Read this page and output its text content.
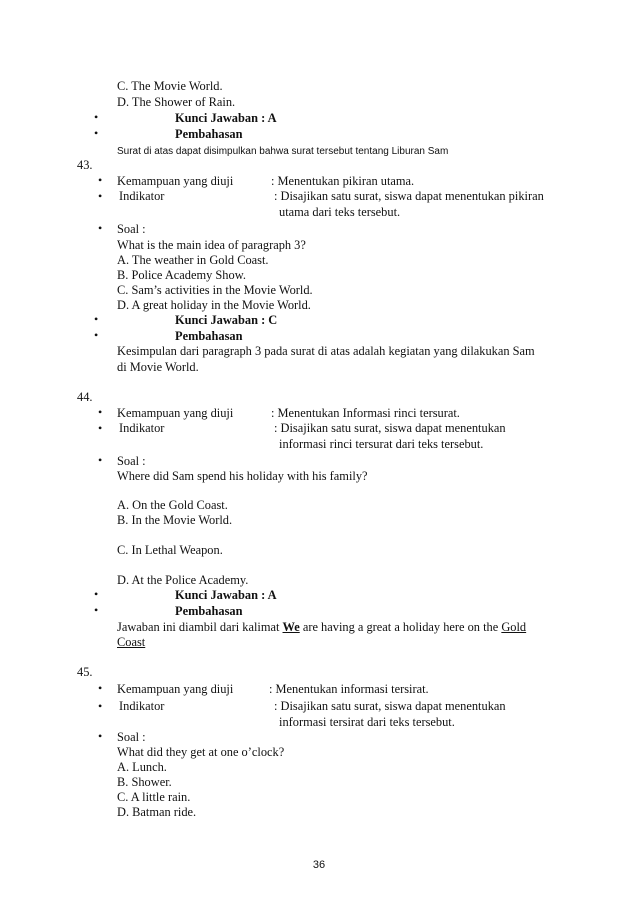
C. The Movie World.
D. The Shower of Rain.
•	Kunci Jawaban : A
•	Pembahasan
Surat di atas dapat disimpulkan bahwa surat tersebut tentang Liburan Sam
43.
• Kemampuan yang diuji	: Menentukan pikiran utama.
• Indikator	: Disajikan satu surat, siswa dapat menentukan pikiran
utama dari teks tersebut.
• Soal :
What is the main idea of paragraph 3?
A. The weather in Gold Coast.
B. Police Academy Show.
C. Sam’s activities in the Movie World.
D. A great holiday in the Movie World.
•	Kunci Jawaban : C
•	Pembahasan
Kesimpulan dari paragraph 3 pada surat di atas adalah kegiatan yang dilakukan Sam
di Movie World.
44.
• Kemampuan yang diuji	: Menentukan Informasi rinci tersurat.
• Indikator	: Disajikan satu surat, siswa dapat menentukan
informasi rinci tersurat dari teks tersebut.
• Soal :
Where did Sam spend his holiday with his family?
A. On the Gold Coast.
B. In the Movie World.
C. In Lethal Weapon.
D. At the Police Academy.
•	Kunci Jawaban : A
•	Pembahasan
Jawaban ini diambil dari kalimat We are having a great a holiday here on the Gold
Coast
45.
• Kemampuan yang diuji	: Menentukan informasi tersirat.
• Indikator	: Disajikan satu surat, siswa dapat menentukan
informasi tersirat dari teks tersebut.
• Soal :
What did they get at one o’clock?
A. Lunch.
B. Shower.
C. A little rain.
D. Batman ride.
36
